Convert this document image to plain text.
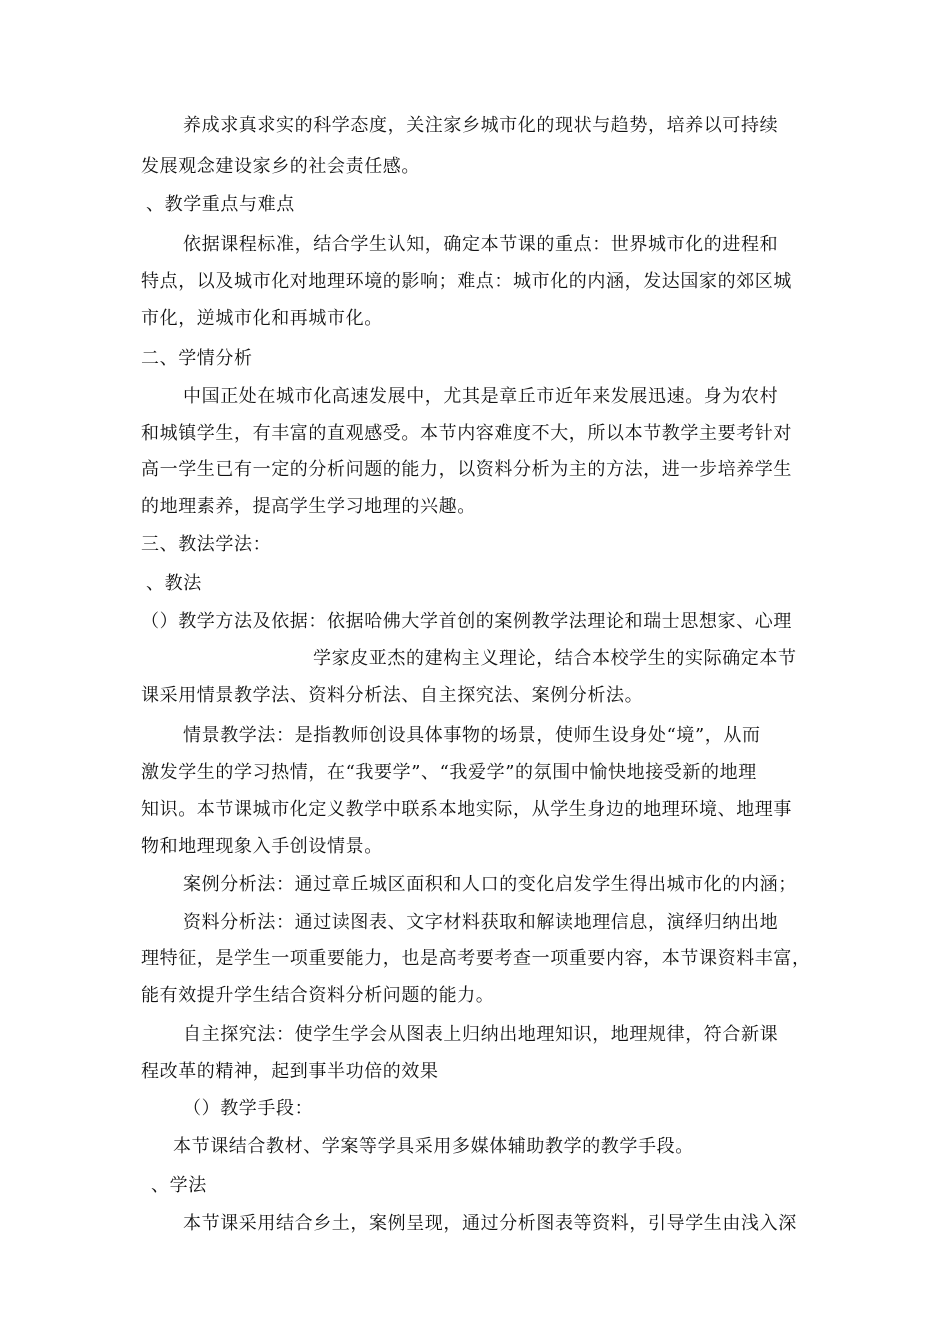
养成求真求实的科学态度，关注家乡城市化的现状与趋势，培养以可持续
发展观念建设家乡的社会责任感。
、教学重点与难点
依据课程标准，结合学生认知，确定本节课的重点：世界城市化的进程和
特点，以及城市化对地理环境的影响；难点：城市化的内涵，发达国家的郊区城
市化，逆城市化和再城市化。
二、学情分析
中国正处在城市化高速发展中，尤其是章丘市近年来发展迅速。身为农村
和城镇学生，有丰富的直观感受。本节内容难度不大，所以本节教学主要考针对
高一学生已有一定的分析问题的能力，以资料分析为主的方法，进一步培养学生
的地理素养，提高学生学习地理的兴趣。
三、教法学法：
、教法
（）教学方法及依据：依据哈佛大学首创的案例教学法理论和瑞士思想家、心理
学家皮亚杰的建构主义理论，结合本校学生的实际确定本节
课采用情景教学法、资料分析法、自主探究法、案例分析法。
情景教学法：是指教师创设具体事物的场景，使师生设身处“境”，从而
激发学生的学习热情，在“我要学”、“我爱学”的氛围中愉快地接受新的地理
知识。本节课城市化定义教学中联系本地实际，从学生身边的地理环境、地理事
物和地理现象入手创设情景。
案例分析法：通过章丘城区面积和人口的变化启发学生得出城市化的内涵；
资料分析法：通过读图表、文字材料获取和解读地理信息，演绎归纳出地
理特征，是学生一项重要能力，也是高考要考查一项重要内容，本节课资料丰富，
能有效提升学生结合资料分析问题的能力。
自主探究法：使学生学会从图表上归纳出地理知识，地理规律，符合新课
程改革的精神，起到事半功倍的效果
（）教学手段：
本节课结合教材、学案等学具采用多媒体辅助教学的教学手段。
、学法
本节课采用结合乡土，案例呈现，通过分析图表等资料，引导学生由浅入深
